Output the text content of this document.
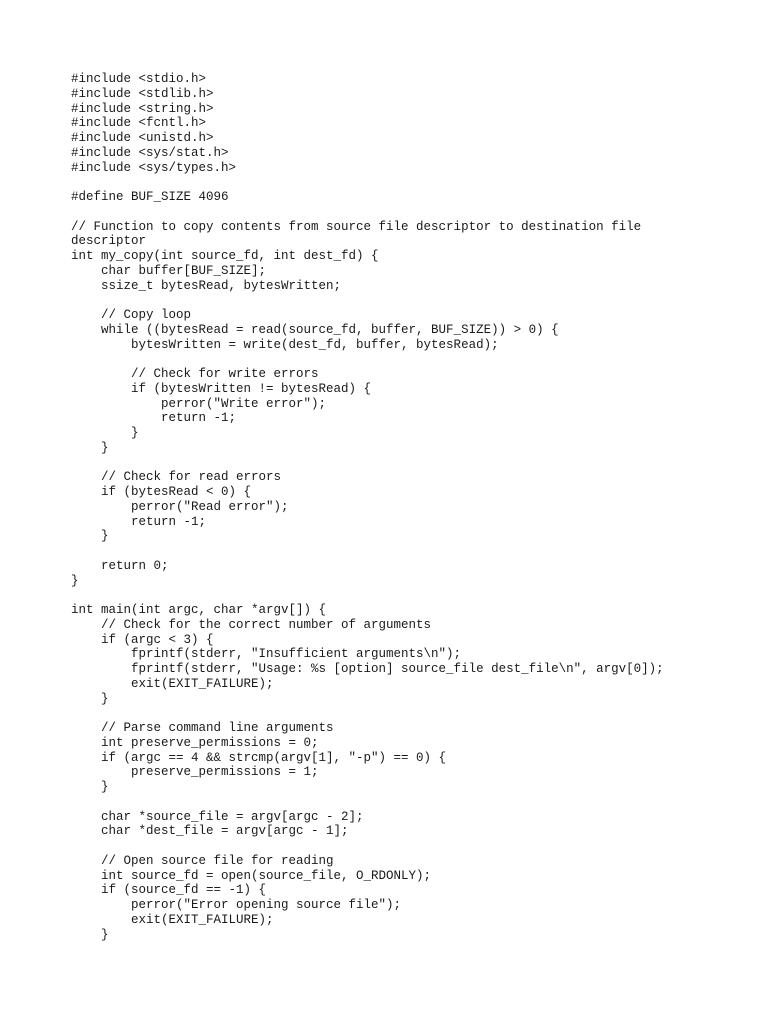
#include <stdio.h>
#include <stdlib.h>
#include <string.h>
#include <fcntl.h>
#include <unistd.h>
#include <sys/stat.h>
#include <sys/types.h>
#define BUF_SIZE 4096
// Function to copy contents from source file descriptor to destination file
descriptor
int my_copy(int source_fd, int dest_fd) {
char buffer[BUF_SIZE];
ssize_t bytesRead, bytesWritten;
// Copy loop
while ((bytesRead = read(source_fd, buffer, BUF_SIZE)) > 0) {
bytesWritten = write(dest_fd, buffer, bytesRead);
// Check for write errors
if (bytesWritten != bytesRead) {
perror("Write error");
return -1;
}
}
// Check for read errors
if (bytesRead < 0) {
perror("Read error");
return -1;
}
return 0;
}
int main(int argc, char *argv[]) {
// Check for the correct number of arguments
if (argc < 3) {
fprintf(stderr, "Insufficient arguments\n");
fprintf(stderr, "Usage: %s [option] source_file dest_file\n", argv[0]);
exit(EXIT_FAILURE);
}
// Parse command line arguments
int preserve_permissions = 0;
if (argc == 4 && strcmp(argv[1], "-p") == 0) {
preserve_permissions = 1;
}
char *source_file = argv[argc - 2];
char *dest_file = argv[argc - 1];
// Open source file for reading
int source_fd = open(source_file, O_RDONLY);
if (source_fd == -1) {
perror("Error opening source file");
exit(EXIT_FAILURE);
}
